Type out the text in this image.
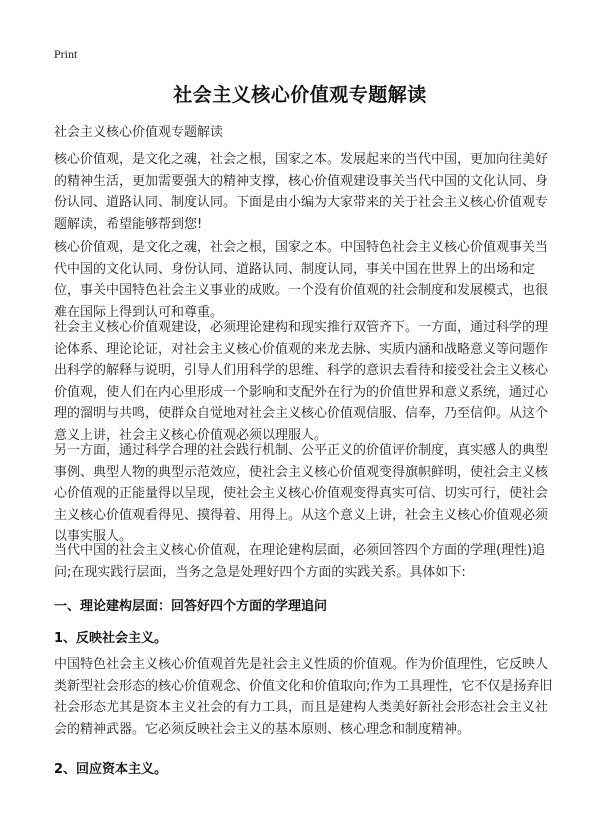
Print
社会主义核心价值观专题解读
社会主义核心价值观专题解读

核心价值观，是文化之魂，社会之根，国家之本。发展起来的当代中国，更加向往美好的精神生活，更加需要强大的精神支撑，核心价值观建设事关当代中国的文化认同、身份认同、道路认同、制度认同。下面是由小编为大家带来的关于社会主义核心价值观专题解读，希望能够帮到您!

核心价值观，是文化之魂，社会之根，国家之本。中国特色社会主义核心价值观事关当代中国的文化认同、身份认同、道路认同、制度认同，事关中国在世界上的出场和定位，事关中国特色社会主义事业的成败。一个没有价值观的社会制度和发展模式，也很难在国际上得到认可和尊重。

社会主义核心价值观建设，必须理论建构和现实推行双管齐下。一方面，通过科学的理论体系、理论论证，对社会主义核心价值观的来龙去脉、实质内涵和战略意义等问题作出科学的解释与说明，引导人们用科学的思维、科学的意识去看待和接受社会主义核心价值观，使人们在内心里形成一个影响和支配外在行为的价值世界和意义系统，通过心理的溜明与共鸣，使群众自觉地对社会主义核心价值观信服、信奉，乃至信仰。从这个意义上讲，社会主义核心价值观必须以理服人。

另一方面，通过科学合理的社会践行机制、公平正义的价值评价制度，真实感人的典型事例、典型人物的典型示范效应，使社会主义核心价值观变得旗帜鲜明，使社会主义核心价值观的正能量得以呈现，使社会主义核心价值观变得真实可信、切实可行，使社会主义核心价值观看得见、摸得着、用得上。从这个意义上讲，社会主义核心价值观必须以事实服人。

当代中国的社会主义核心价值观，在理论建构层面，必须回答四个方面的学理(理性)追问;在现实践行层面，当务之急是处理好四个方面的实践关系。具体如下:

一、理论建构层面：回答好四个方面的学理追问
1、反映社会主义。

中国特色社会主义核心价值观首先是社会主义性质的价值观。作为价值理性，它反映人类新型社会形态的核心价值观念、价值文化和价值取向;作为工具理性，它不仅是扬弃旧社会形态尤其是资本主义社会的有力工具，而且是建构人类美好新社会形态社会主义社会的精神武器。它必须反映社会主义的基本原则、核心理念和制度精神。

2、回应资本主义。
